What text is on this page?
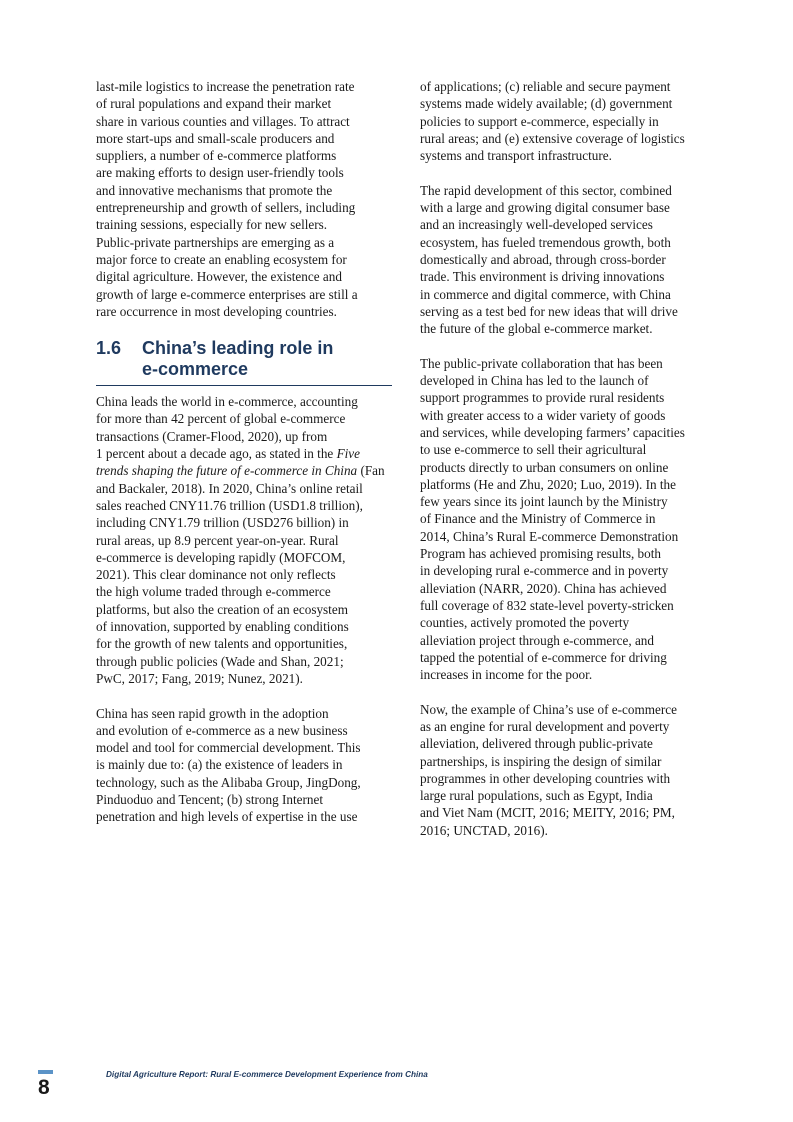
last-mile logistics to increase the penetration rate
of rural populations and expand their market
share in various counties and villages. To attract
more start-ups and small-scale producers and
suppliers, a number of e-commerce platforms
are making efforts to design user-friendly tools
and innovative mechanisms that promote the
entrepreneurship and growth of sellers, including
training sessions, especially for new sellers.
Public-private partnerships are emerging as a
major force to create an enabling ecosystem for
digital agriculture. However, the existence and
growth of large e-commerce enterprises are still a
rare occurrence in most developing countries.
1.6	China’s leading role in
e-commerce
China leads the world in e-commerce, accounting
for more than 42 percent of global e-commerce
transactions (Cramer-Flood, 2020), up from
1 percent about a decade ago, as stated in the Five
trends shaping the future of e-commerce in China (Fan
and Backaler, 2018). In 2020, China’s online retail
sales reached CNY11.76 trillion (USD1.8 trillion),
including CNY1.79 trillion (USD276 billion) in
rural areas, up 8.9 percent year-on-year. Rural
e-commerce is developing rapidly (MOFCOM,
2021). This clear dominance not only reflects
the high volume traded through e-commerce
platforms, but also the creation of an ecosystem
of innovation, supported by enabling conditions
for the growth of new talents and opportunities,
through public policies (Wade and Shan, 2021;
PwC, 2017; Fang, 2019; Nunez, 2021).
China has seen rapid growth in the adoption
and evolution of e-commerce as a new business
model and tool for commercial development. This
is mainly due to: (a) the existence of leaders in
technology, such as the Alibaba Group, JingDong,
Pinduoduo and Tencent; (b) strong Internet
penetration and high levels of expertise in the use
of applications; (c) reliable and secure payment
systems made widely available; (d) government
policies to support e-commerce, especially in
rural areas; and (e) extensive coverage of logistics
systems and transport infrastructure.
The rapid development of this sector, combined
with a large and growing digital consumer base
and an increasingly well-developed services
ecosystem, has fueled tremendous growth, both
domestically and abroad, through cross-border
trade. This environment is driving innovations
in commerce and digital commerce, with China
serving as a test bed for new ideas that will drive
the future of the global e-commerce market.
The public-private collaboration that has been
developed in China has led to the launch of
support programmes to provide rural residents
with greater access to a wider variety of goods
and services, while developing farmers’ capacities
to use e-commerce to sell their agricultural
products directly to urban consumers on online
platforms (He and Zhu, 2020; Luo, 2019). In the
few years since its joint launch by the Ministry
of Finance and the Ministry of Commerce in
2014, China’s Rural E-commerce Demonstration
Program has achieved promising results, both
in developing rural e-commerce and in poverty
alleviation (NARR, 2020). China has achieved
full coverage of 832 state-level poverty-stricken
counties, actively promoted the poverty
alleviation project through e-commerce, and
tapped the potential of e-commerce for driving
increases in income for the poor.
Now, the example of China’s use of e-commerce
as an engine for rural development and poverty
alleviation, delivered through public-private
partnerships, is inspiring the design of similar
programmes in other developing countries with
large rural populations, such as Egypt, India
and Viet Nam (MCIT, 2016; MEITY, 2016; PM,
2016; UNCTAD, 2016).
8
Digital Agriculture Report: Rural E-commerce Development Experience from China
